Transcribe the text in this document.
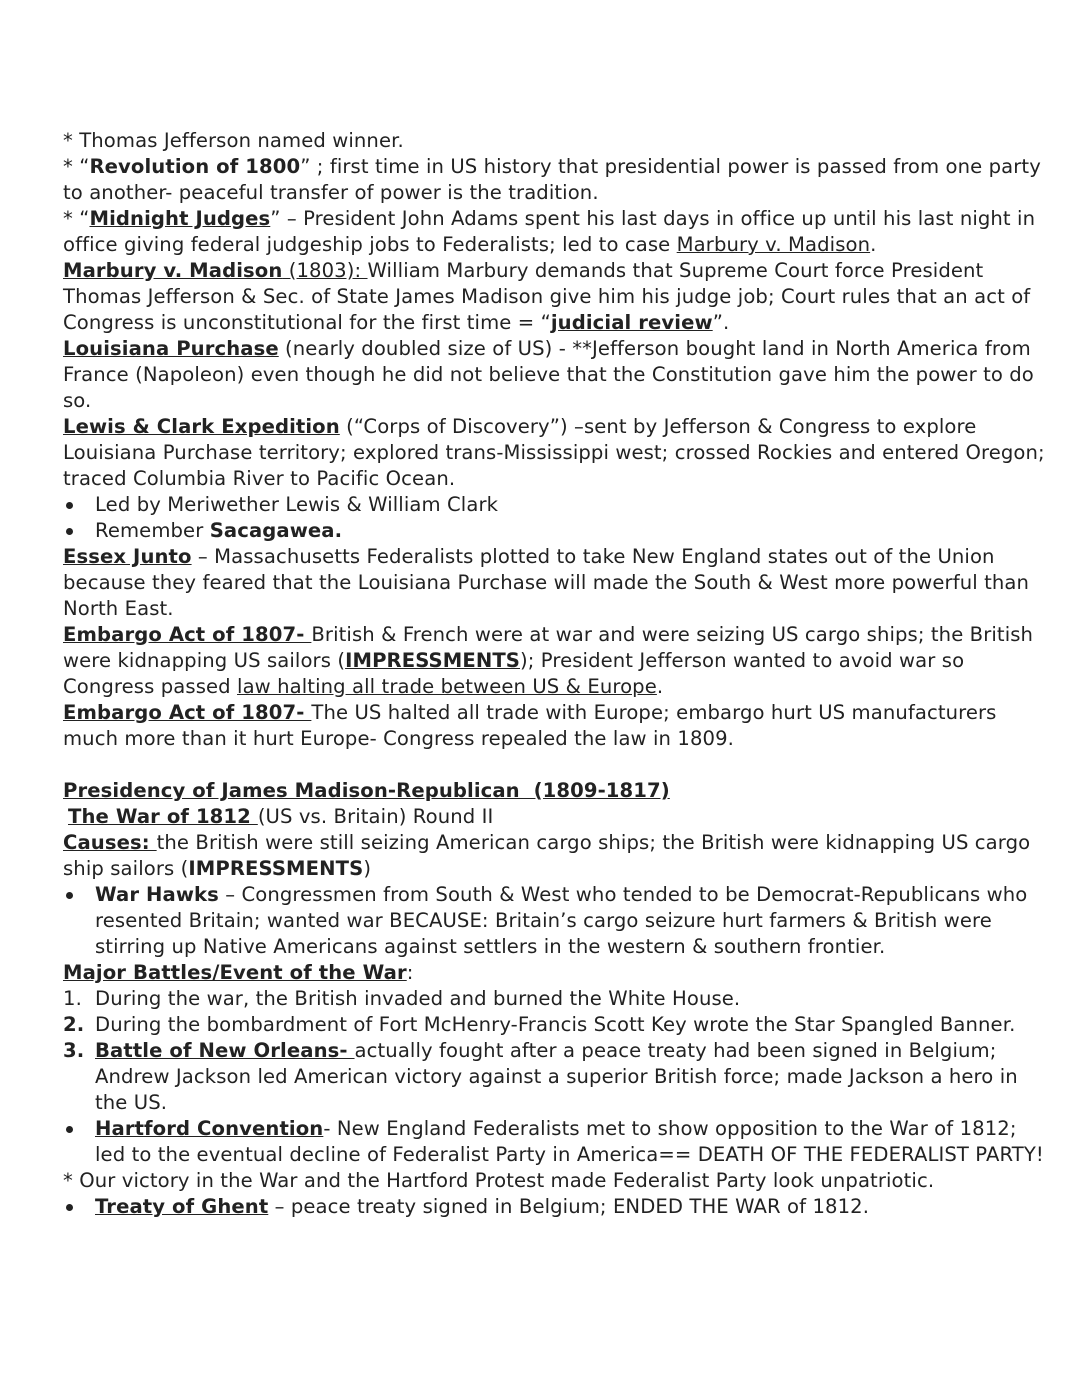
* Thomas Jefferson named winner.

* “Revolution of 1800” ; first time in US history that presidential power is passed from one party to another- peaceful transfer of power is the tradition.

* “Midnight Judges” – President John Adams spent his last days in office up until his last night in office giving federal judgeship jobs to Federalists; led to case Marbury v. Madison.

Marbury v. Madison (1803): William Marbury demands that Supreme Court force President Thomas Jefferson & Sec. of State James Madison give him his judge job; Court rules that an act of Congress is unconstitutional for the first time = “judicial review”.

Louisiana Purchase (nearly doubled size of US) - **Jefferson bought land in North America from France (Napoleon) even though he did not believe that the Constitution gave him the power to do so.

Lewis & Clark Expedition (“Corps of Discovery”) –sent by Jefferson & Congress to explore Louisiana Purchase territory; explored trans-Mississippi west; crossed Rockies and entered Oregon; traced Columbia River to Pacific Ocean.

Led by Meriwether Lewis & William Clark
Remember Sacagawea.

Essex Junto – Massachusetts Federalists plotted to take New England states out of the Union because they feared that the Louisiana Purchase will made the South & West more powerful than North East.

Embargo Act of 1807- British & French were at war and were seizing US cargo ships; the British were kidnapping US sailors (IMPRESSMENTS); President Jefferson wanted to avoid war so Congress passed law halting all trade between US & Europe.

Embargo Act of 1807- The US halted all trade with Europe; embargo hurt US manufacturers much more than it hurt Europe- Congress repealed the law in 1809.

Presidency of James Madison-Republican  (1809-1817)

The War of 1812 (US vs. Britain) Round II

Causes: the British were still seizing American cargo ships; the British were kidnapping US cargo ship sailors (IMPRESSMENTS)

War Hawks – Congressmen from South & West who tended to be Democrat-Republicans who resented Britain; wanted war BECAUSE: Britain’s cargo seizure hurt farmers & British were stirring up Native Americans against settlers in the western & southern frontier.

Major Battles/Event of the War:

1. During the war, the British invaded and burned the White House.
2. During the bombardment of Fort McHenry-Francis Scott Key wrote the Star Spangled Banner.
3. Battle of New Orleans- actually fought after a peace treaty had been signed in Belgium; Andrew Jackson led American victory against a superior British force; made Jackson a hero in the US.
Hartford Convention- New England Federalists met to show opposition to the War of 1812; led to the eventual decline of Federalist Party in America== DEATH OF THE FEDERALIST PARTY!

* Our victory in the War and the Hartford Protest made Federalist Party look unpatriotic.

Treaty of Ghent – peace treaty signed in Belgium; ENDED THE WAR of 1812.
